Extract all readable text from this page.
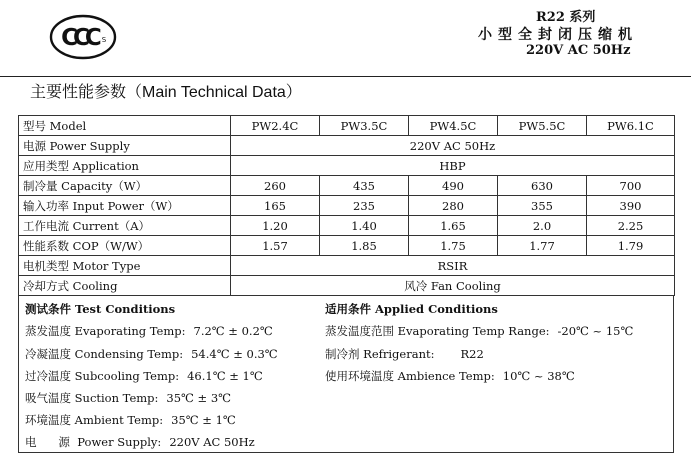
CCC S
R22 系列
小型全封闭压缩机
220V AC 50Hz
主要性能参数（Main Technical Data）
型号 Model	PW2.4C	PW3.5C	PW4.5C	PW5.5C	PW6.1C
电源 Power Supply	220V AC 50Hz				
应用类型 Application	HBP				
制冷量 Capacity（W）	260	435	490	630	700
输入功率 Input Power（W）	165	235	280	355	390
工作电流 Current（A）	1.20	1.40	1.65	2.0	2.25
性能系数 COP（W/W）	1.57	1.85	1.75	1.77	1.79
电机类型 Motor Type	RSIR				
冷却方式 Cooling	风冷 Fan Cooling				
测试条件 Test Conditions
蒸发温度 Evaporating Temp: 7.2℃ ± 0.2℃
冷凝温度 Condensing Temp: 54.4℃ ± 0.3℃
过冷温度 Subcooling Temp: 46.1℃ ± 1℃
吸气温度 Suction Temp: 35℃ ± 3℃
环境温度 Ambient Temp: 35℃ ± 1℃
电      源  Power Supply: 220V AC 50Hz
适用条件 Applied Conditions
蒸发温度范围 Evaporating Temp Range: -20℃ ~ 15℃
制冷剂 Refrigerant: R22
使用环境温度 Ambience Temp: 10℃ ~ 38℃
